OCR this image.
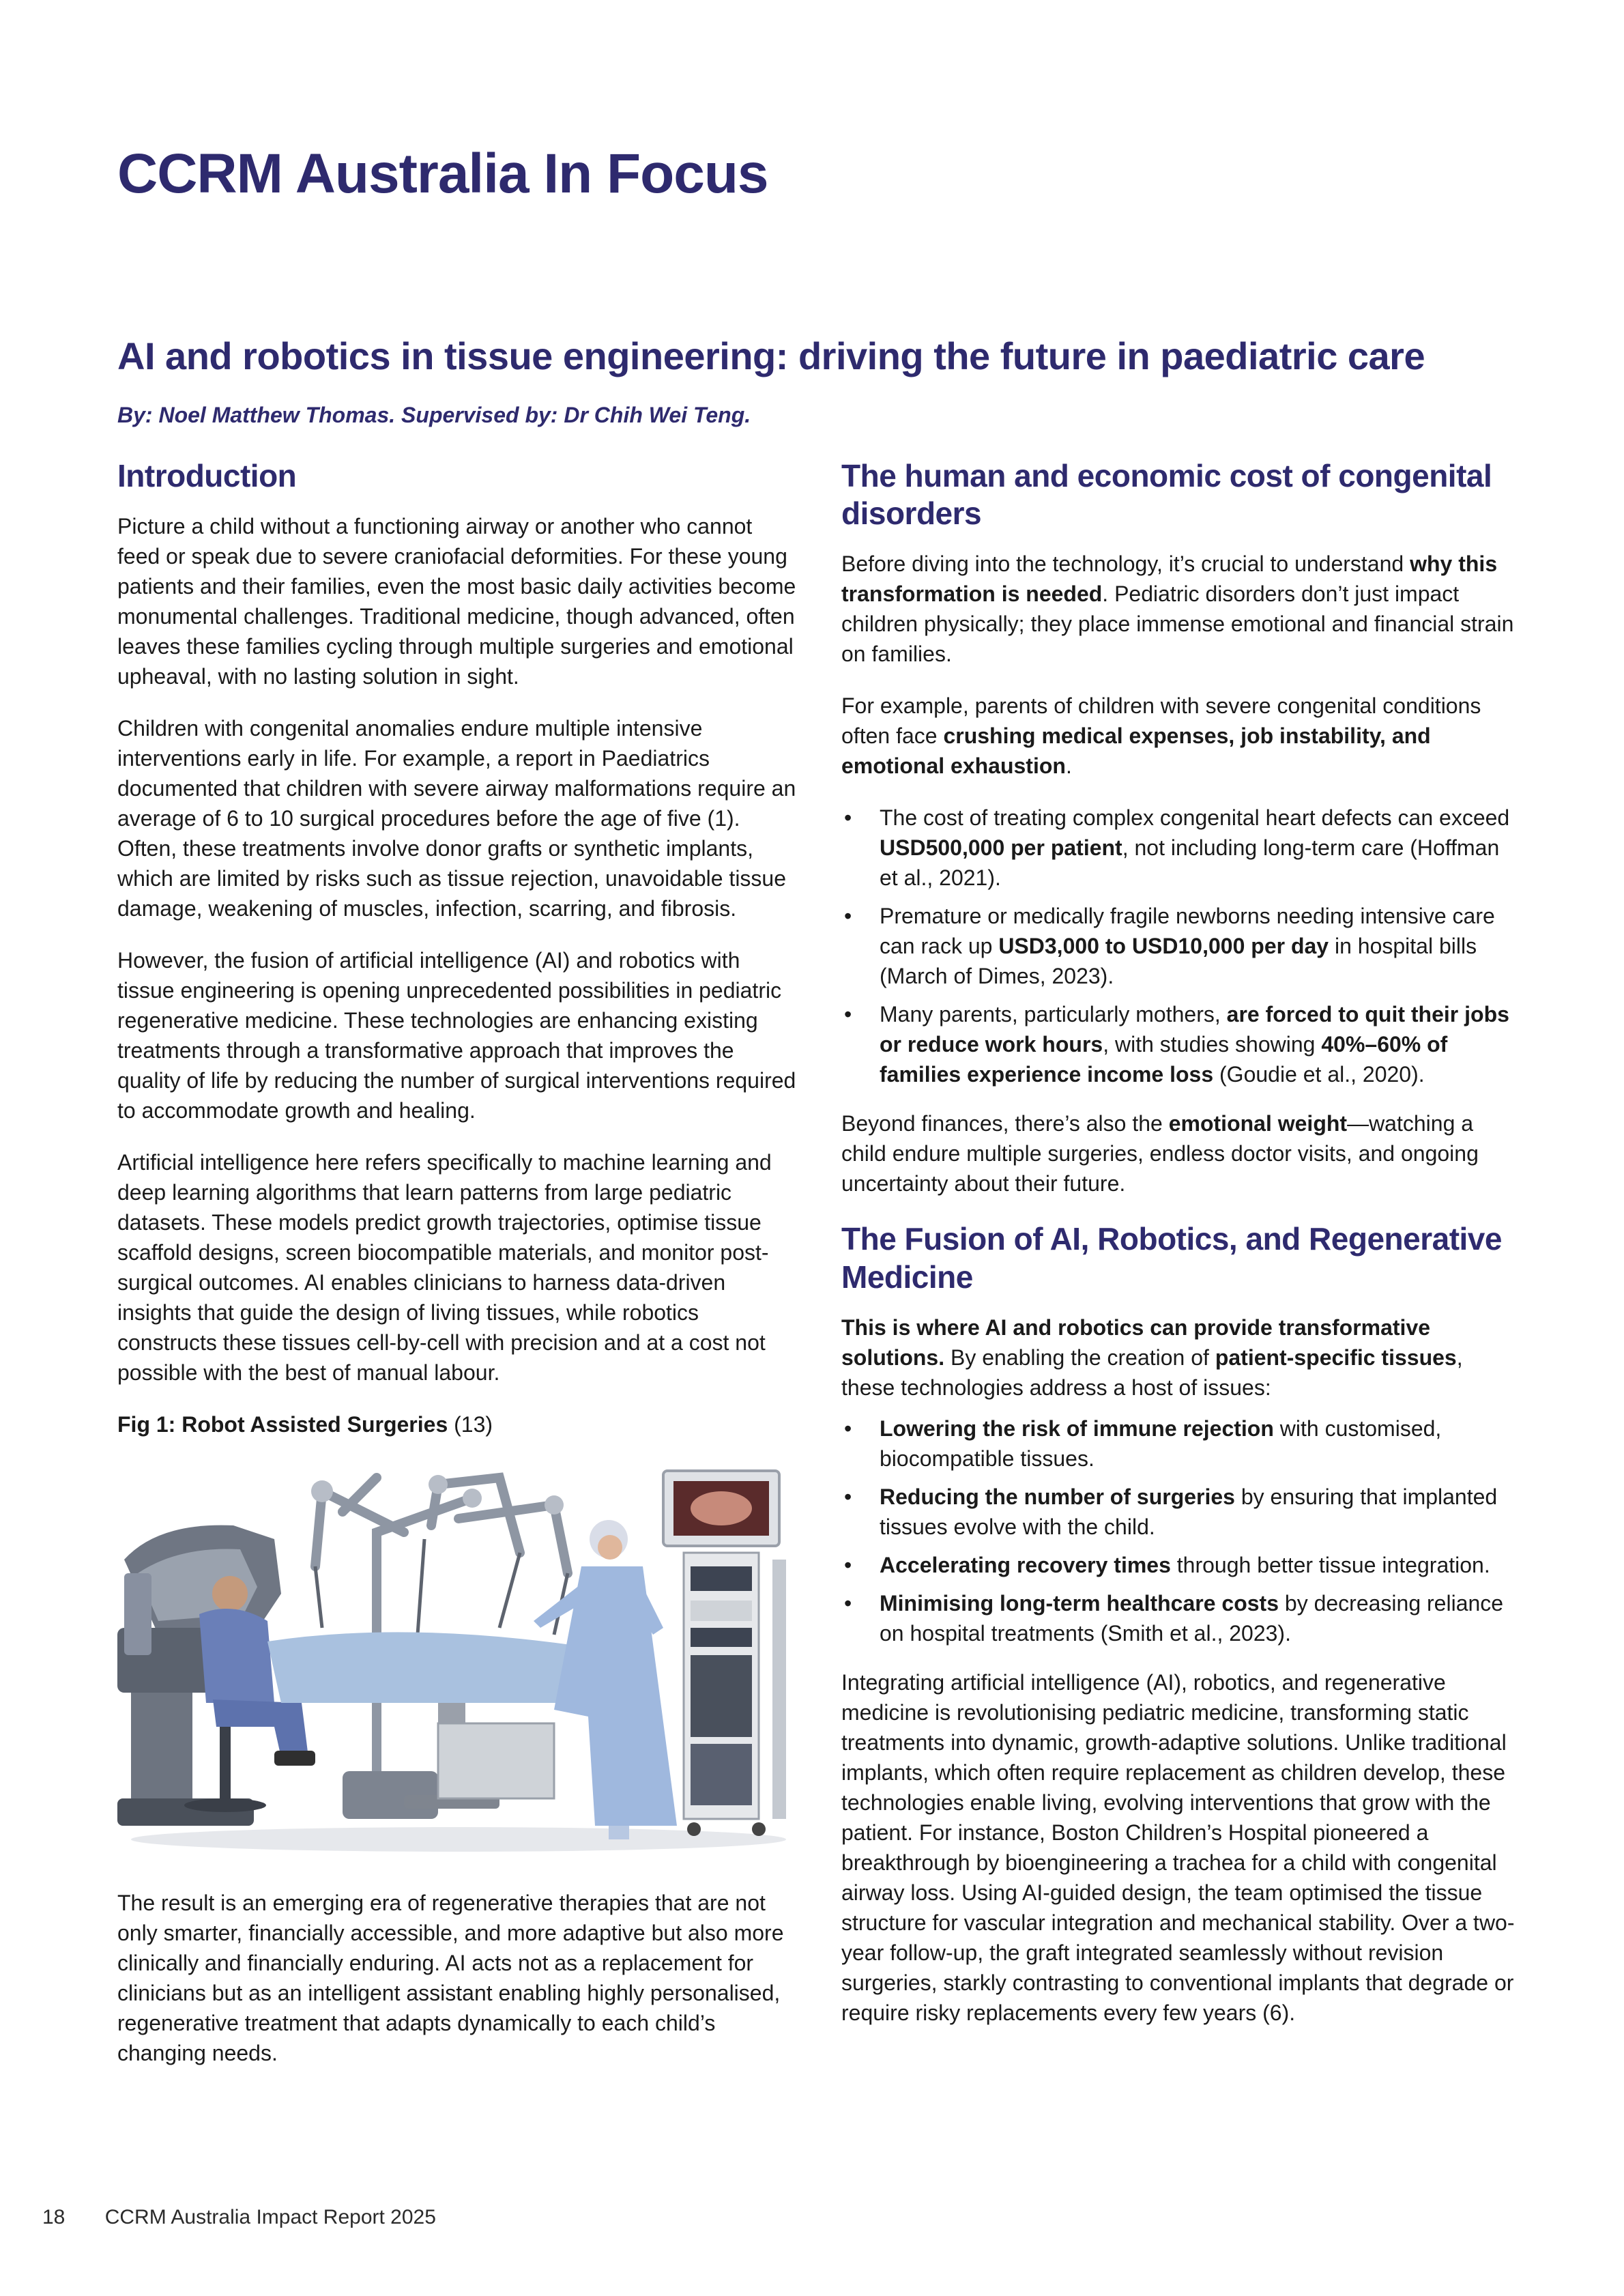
CCRM Australia In Focus
AI and robotics in tissue engineering: driving the future in paediatric care
By: Noel Matthew Thomas. Supervised by: Dr Chih Wei Teng.
Introduction

Picture a child without a functioning airway or another who cannot feed or speak due to severe craniofacial deformities. For these young patients and their families, even the most basic daily activities become monumental challenges. Traditional medicine, though advanced, often leaves these families cycling through multiple surgeries and emotional upheaval, with no lasting solution in sight.

Children with congenital anomalies endure multiple intensive interventions early in life. For example, a report in Paediatrics documented that children with severe airway malformations require an average of 6 to 10 surgical procedures before the age of five (1). Often, these treatments involve donor grafts or synthetic implants, which are limited by risks such as tissue rejection, unavoidable tissue damage, weakening of muscles, infection, scarring, and fibrosis.

However, the fusion of artificial intelligence (AI) and robotics with tissue engineering is opening unprecedented possibilities in pediatric regenerative medicine. These technologies are enhancing existing treatments through a transformative approach that improves the quality of life by reducing the number of surgical interventions required to accommodate growth and healing.

Artificial intelligence here refers specifically to machine learning and deep learning algorithms that learn patterns from large pediatric datasets. These models predict growth trajectories, optimise tissue scaffold designs, screen biocompatible materials, and monitor post-surgical outcomes. AI enables clinicians to harness data-driven insights that guide the design of living tissues, while robotics constructs these tissues cell-by-cell with precision and at a cost not possible with the best of manual labour.

Fig 1: Robot Assisted Surgeries (13)

The result is an emerging era of regenerative therapies that are not only smarter, financially accessible, and more adaptive but also more clinically and financially enduring. AI acts not as a replacement for clinicians but as an intelligent assistant enabling highly personalised, regenerative treatment that adapts dynamically to each child’s changing needs.

The human and economic cost of congenital disorders

Before diving into the technology, it’s crucial to understand why this transformation is needed. Pediatric disorders don’t just impact children physically; they place immense emotional and financial strain on families.

For example, parents of children with severe congenital conditions often face crushing medical expenses, job instability, and emotional exhaustion.

• The cost of treating complex congenital heart defects can exceed USD500,000 per patient, not including long-term care (Hoffman et al., 2021).
• Premature or medically fragile newborns needing intensive care can rack up USD3,000 to USD10,000 per day in hospital bills (March of Dimes, 2023).
• Many parents, particularly mothers, are forced to quit their jobs or reduce work hours, with studies showing 40%–60% of families experience income loss (Goudie et al., 2020).

Beyond finances, there’s also the emotional weight—watching a child endure multiple surgeries, endless doctor visits, and ongoing uncertainty about their future.

The Fusion of AI, Robotics, and Regenerative Medicine

This is where AI and robotics can provide transformative solutions. By enabling the creation of patient-specific tissues, these technologies address a host of issues:

• Lowering the risk of immune rejection with customised, biocompatible tissues.
• Reducing the number of surgeries by ensuring that implanted tissues evolve with the child.
• Accelerating recovery times through better tissue integration.
• Minimising long-term healthcare costs by decreasing reliance on hospital treatments (Smith et al., 2023).

Integrating artificial intelligence (AI), robotics, and regenerative medicine is revolutionising pediatric medicine, transforming static treatments into dynamic, growth-adaptive solutions. Unlike traditional implants, which often require replacement as children develop, these technologies enable living, evolving interventions that grow with the patient. For instance, Boston Children’s Hospital pioneered a breakthrough by bioengineering a trachea for a child with congenital airway loss. Using AI-guided design, the team optimised the tissue structure for vascular integration and mechanical stability. Over a two-year follow-up, the graft integrated seamlessly without revision surgeries, starkly contrasting to conventional implants that degrade or require risky replacements every few years (6).

18 CCRM Australia Impact Report 2025
